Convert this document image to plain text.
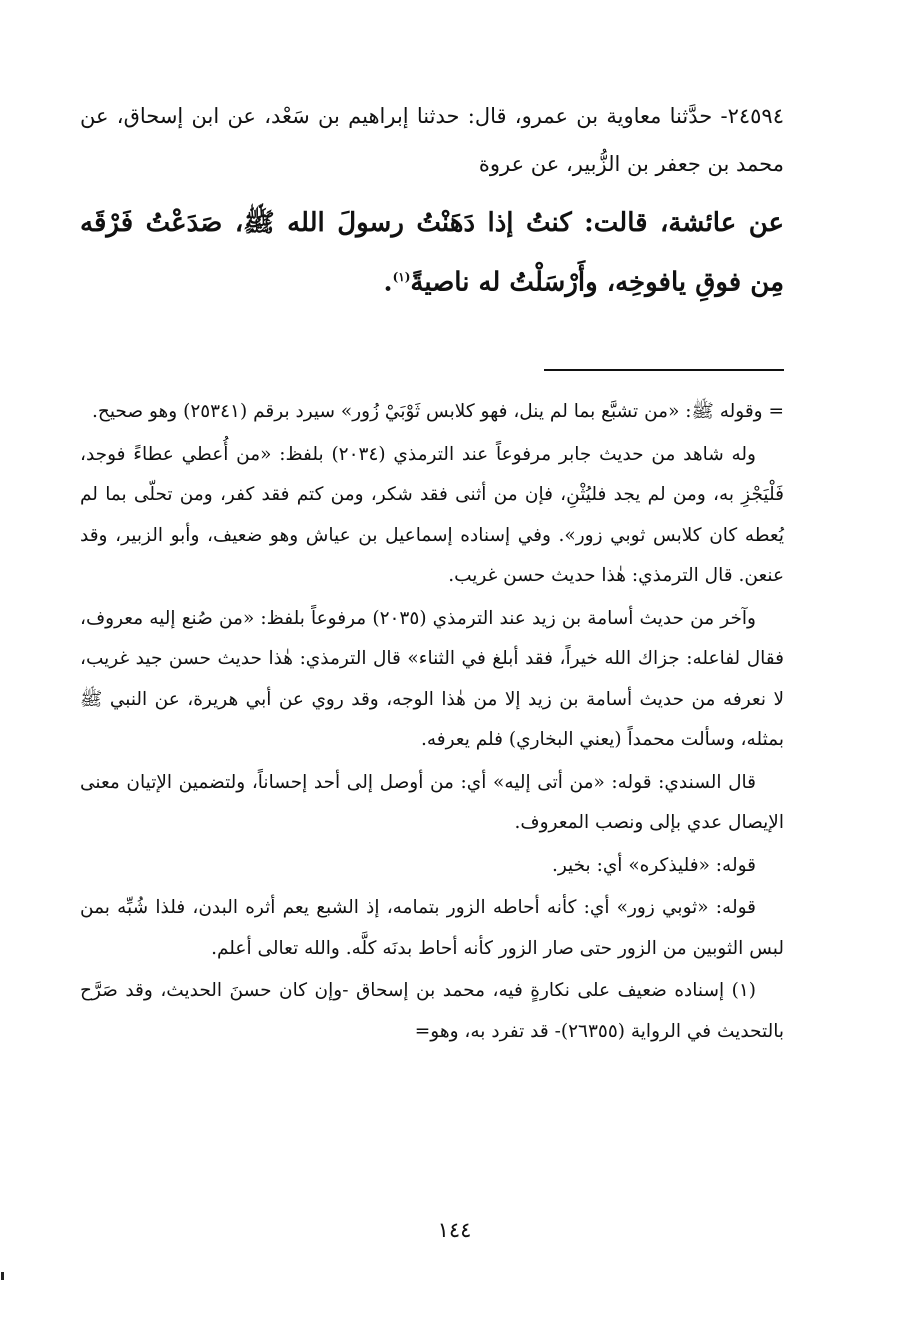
٢٤٥٩٤- حدَّثنا معاوية بن عمرو، قال: حدثنا إبراهيم بن سَعْد، عن ابن إسحاق، عن محمد بن جعفر بن الزُّبير، عن عروة

عن عائشة، قالت: كنتُ إذا دَهَنْتُ رسولَ الله ﷺ، صَدَعْتُ فَرْقَه مِن فوقِ يافوخِه، وأَرْسَلْتُ له ناصيةً$^{(١)}$.

= وقوله ﷺ: «من تشبَّع بما لم ينل، فهو كلابس ثَوْبَيْ زُور» سيرد برقم (٢٥٣٤١) وهو صحيح.

وله شاهد من حديث جابر مرفوعاً عند الترمذي (٢٠٣٤) بلفظ: «من أُعطي عطاءً فوجد، فَلْيَجْزِ به، ومن لم يجد فليُثْنِ، فإن من أثنى فقد شكر، ومن كتم فقد كفر، ومن تحلّى بما لم يُعطه كان كلابس ثوبي زور». وفي إسناده إسماعيل بن عياش وهو ضعيف، وأبو الزبير، وقد عنعن. قال الترمذي: هٰذا حديث حسن غريب.

وآخر من حديث أسامة بن زيد عند الترمذي (٢٠٣٥) مرفوعاً بلفظ: «من صُنع إليه معروف، فقال لفاعله: جزاك الله خيراً، فقد أبلغ في الثناء» قال الترمذي: هٰذا حديث حسن جيد غريب، لا نعرفه من حديث أسامة بن زيد إلا من هٰذا الوجه، وقد روي عن أبي هريرة، عن النبي ﷺ بمثله، وسألت محمداً (يعني البخاري) فلم يعرفه.

قال السندي: قوله: «من أتى إليه» أي: من أوصل إلى أحد إحساناً، ولتضمين الإتيان معنى الإيصال عدي بإلى ونصب المعروف.

قوله: «فليذكره» أي: بخير.

قوله: «ثوبي زور» أي: كأنه أحاطه الزور بتمامه، إذ الشبع يعم أثره البدن، فلذا شُبِّه بمن لبس الثوبين من الزور حتى صار الزور كأنه أحاط بدنَه كلَّه. والله تعالى أعلم.

(١) إسناده ضعيف على نكارةٍ فيه، محمد بن إسحاق -وإن كان حسنَ الحديث، وقد صَرَّح بالتحديث في الرواية (٢٦٣٥٥)- قد تفرد به، وهو=

١٤٤
